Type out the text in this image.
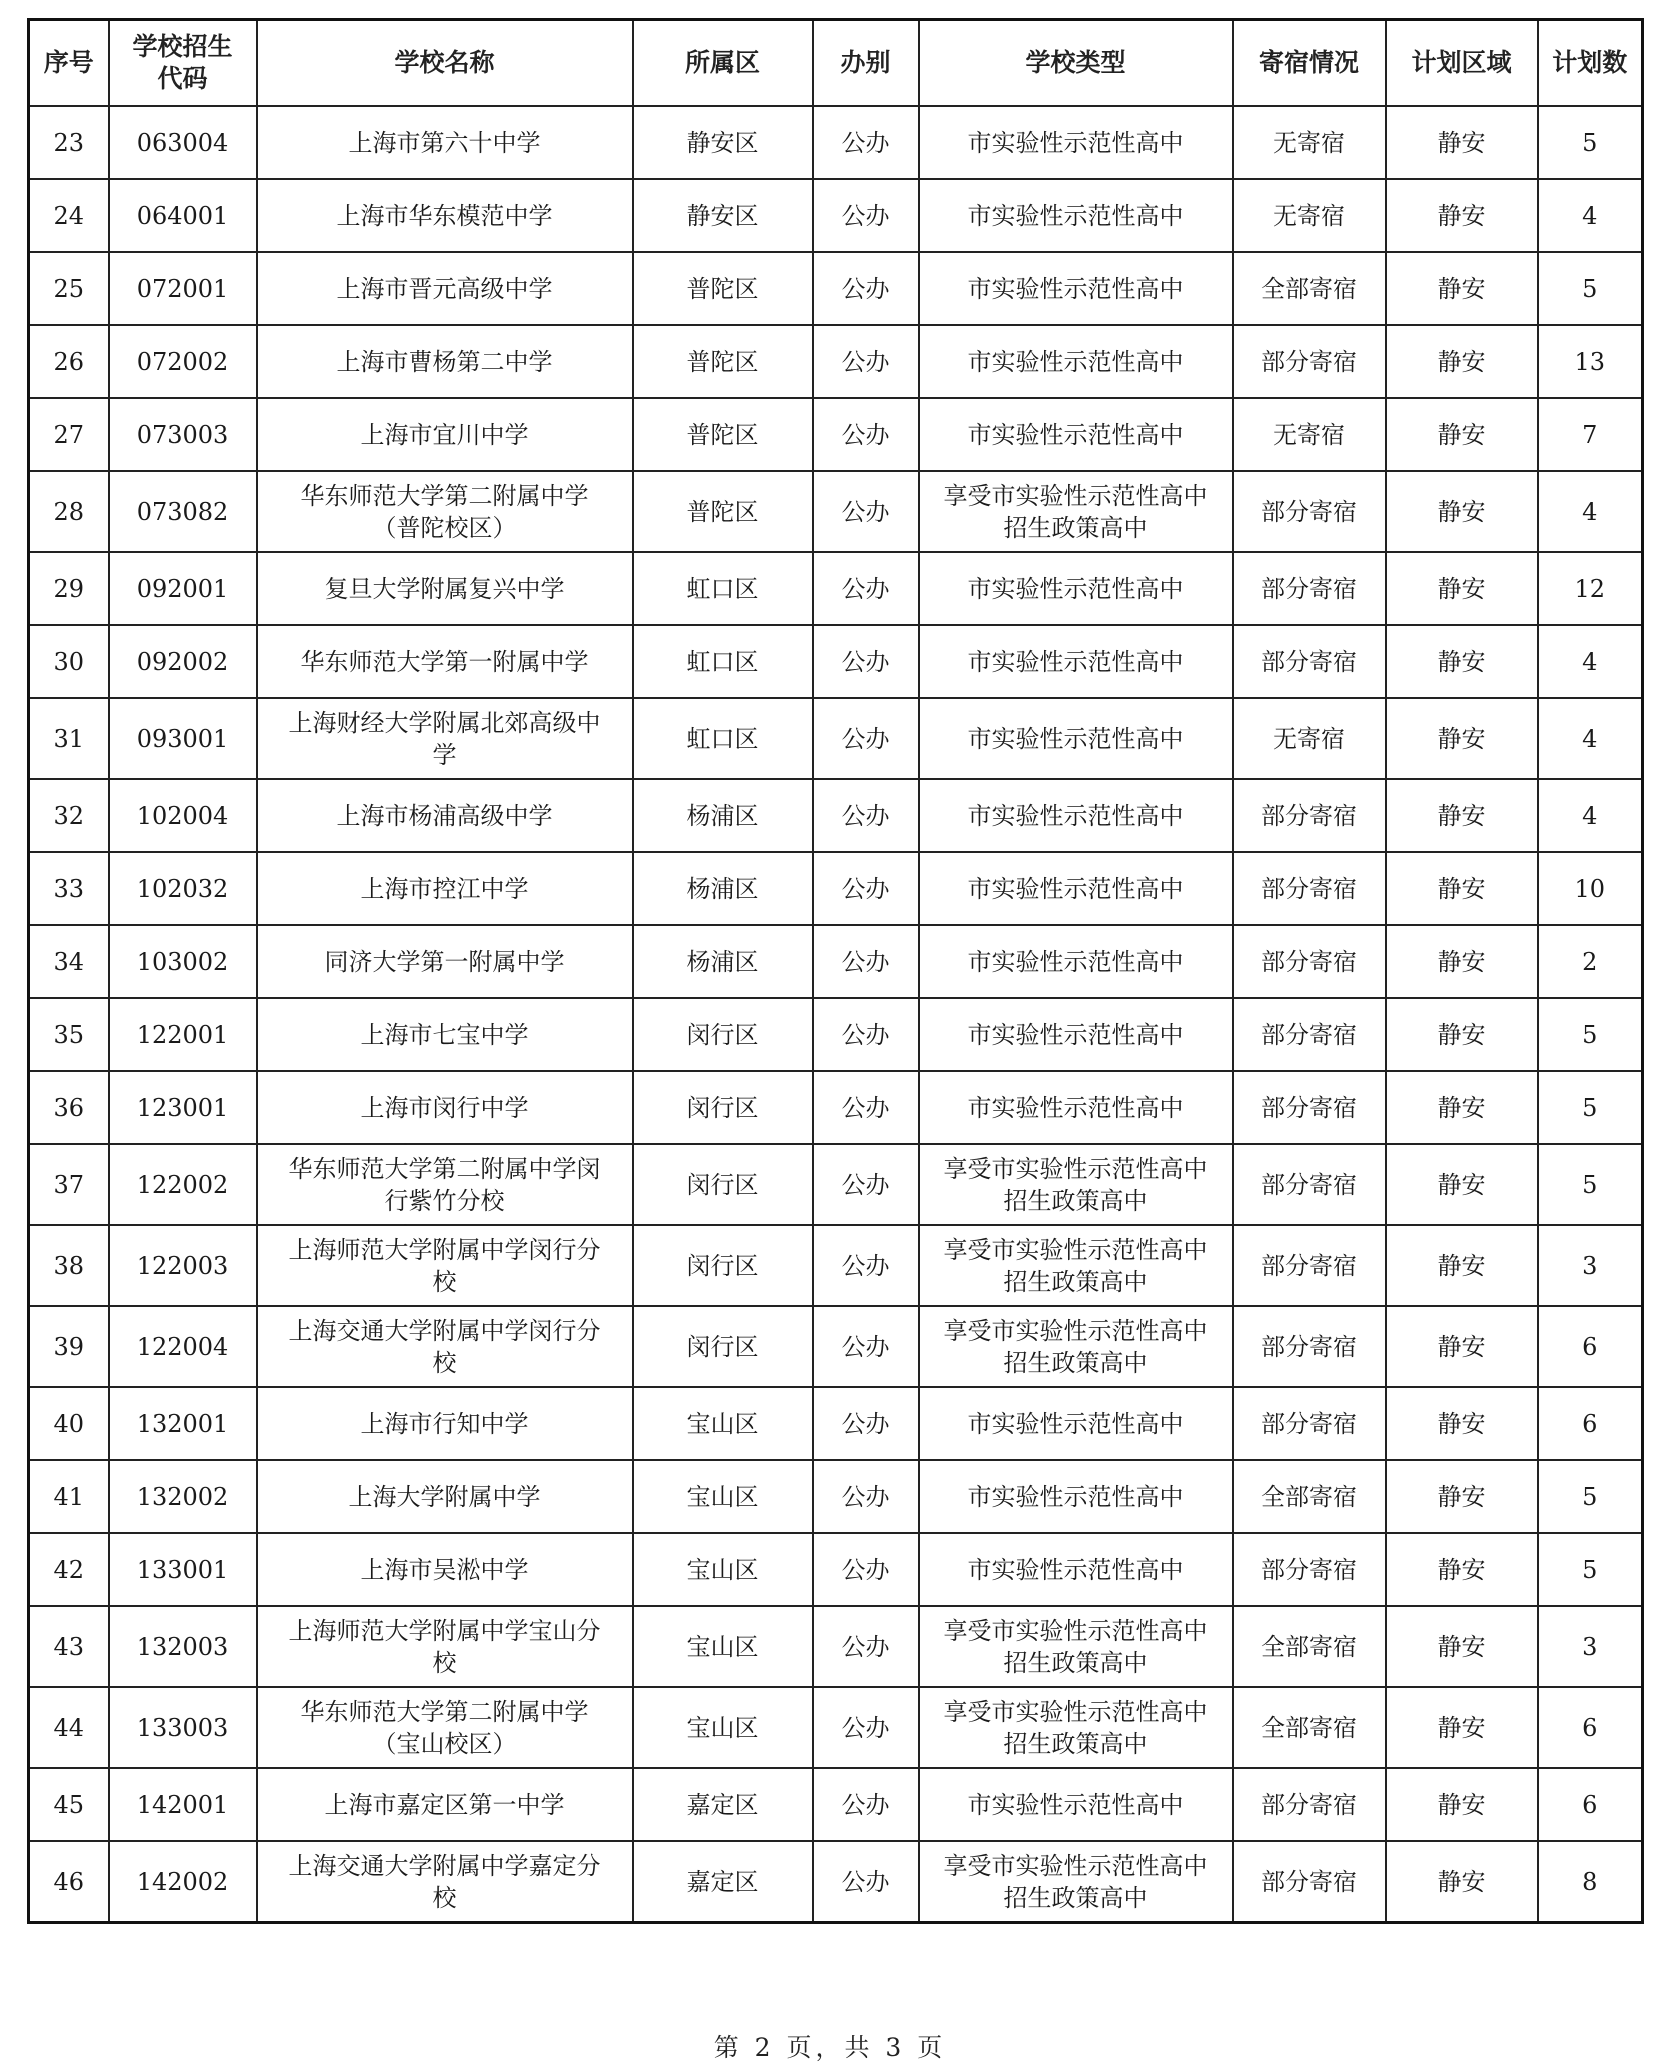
序号	学校招生代码	学校名称	所属区	办别	学校类型	寄宿情况	计划区域	计划数
23	063004	上海市第六十中学	静安区	公办	市实验性示范性高中	无寄宿	静安	5
24	064001	上海市华东模范中学	静安区	公办	市实验性示范性高中	无寄宿	静安	4
25	072001	上海市晋元高级中学	普陀区	公办	市实验性示范性高中	全部寄宿	静安	5
26	072002	上海市曹杨第二中学	普陀区	公办	市实验性示范性高中	部分寄宿	静安	13
27	073003	上海市宜川中学	普陀区	公办	市实验性示范性高中	无寄宿	静安	7
28	073082	华东师范大学第二附属中学（普陀校区）	普陀区	公办	享受市实验性示范性高中招生政策高中	部分寄宿	静安	4
29	092001	复旦大学附属复兴中学	虹口区	公办	市实验性示范性高中	部分寄宿	静安	12
30	092002	华东师范大学第一附属中学	虹口区	公办	市实验性示范性高中	部分寄宿	静安	4
31	093001	上海财经大学附属北郊高级中学	虹口区	公办	市实验性示范性高中	无寄宿	静安	4
32	102004	上海市杨浦高级中学	杨浦区	公办	市实验性示范性高中	部分寄宿	静安	4
33	102032	上海市控江中学	杨浦区	公办	市实验性示范性高中	部分寄宿	静安	10
34	103002	同济大学第一附属中学	杨浦区	公办	市实验性示范性高中	部分寄宿	静安	2
35	122001	上海市七宝中学	闵行区	公办	市实验性示范性高中	部分寄宿	静安	5
36	123001	上海市闵行中学	闵行区	公办	市实验性示范性高中	部分寄宿	静安	5
37	122002	华东师范大学第二附属中学闵行紫竹分校	闵行区	公办	享受市实验性示范性高中招生政策高中	部分寄宿	静安	5
38	122003	上海师范大学附属中学闵行分校	闵行区	公办	享受市实验性示范性高中招生政策高中	部分寄宿	静安	3
39	122004	上海交通大学附属中学闵行分校	闵行区	公办	享受市实验性示范性高中招生政策高中	部分寄宿	静安	6
40	132001	上海市行知中学	宝山区	公办	市实验性示范性高中	部分寄宿	静安	6
41	132002	上海大学附属中学	宝山区	公办	市实验性示范性高中	全部寄宿	静安	5
42	133001	上海市吴淞中学	宝山区	公办	市实验性示范性高中	部分寄宿	静安	5
43	132003	上海师范大学附属中学宝山分校	宝山区	公办	享受市实验性示范性高中招生政策高中	全部寄宿	静安	3
44	133003	华东师范大学第二附属中学（宝山校区）	宝山区	公办	享受市实验性示范性高中招生政策高中	全部寄宿	静安	6
45	142001	上海市嘉定区第一中学	嘉定区	公办	市实验性示范性高中	部分寄宿	静安	6
46	142002	上海交通大学附属中学嘉定分校	嘉定区	公办	享受市实验性示范性高中招生政策高中	部分寄宿	静安	8
第 2 页，共 3 页
